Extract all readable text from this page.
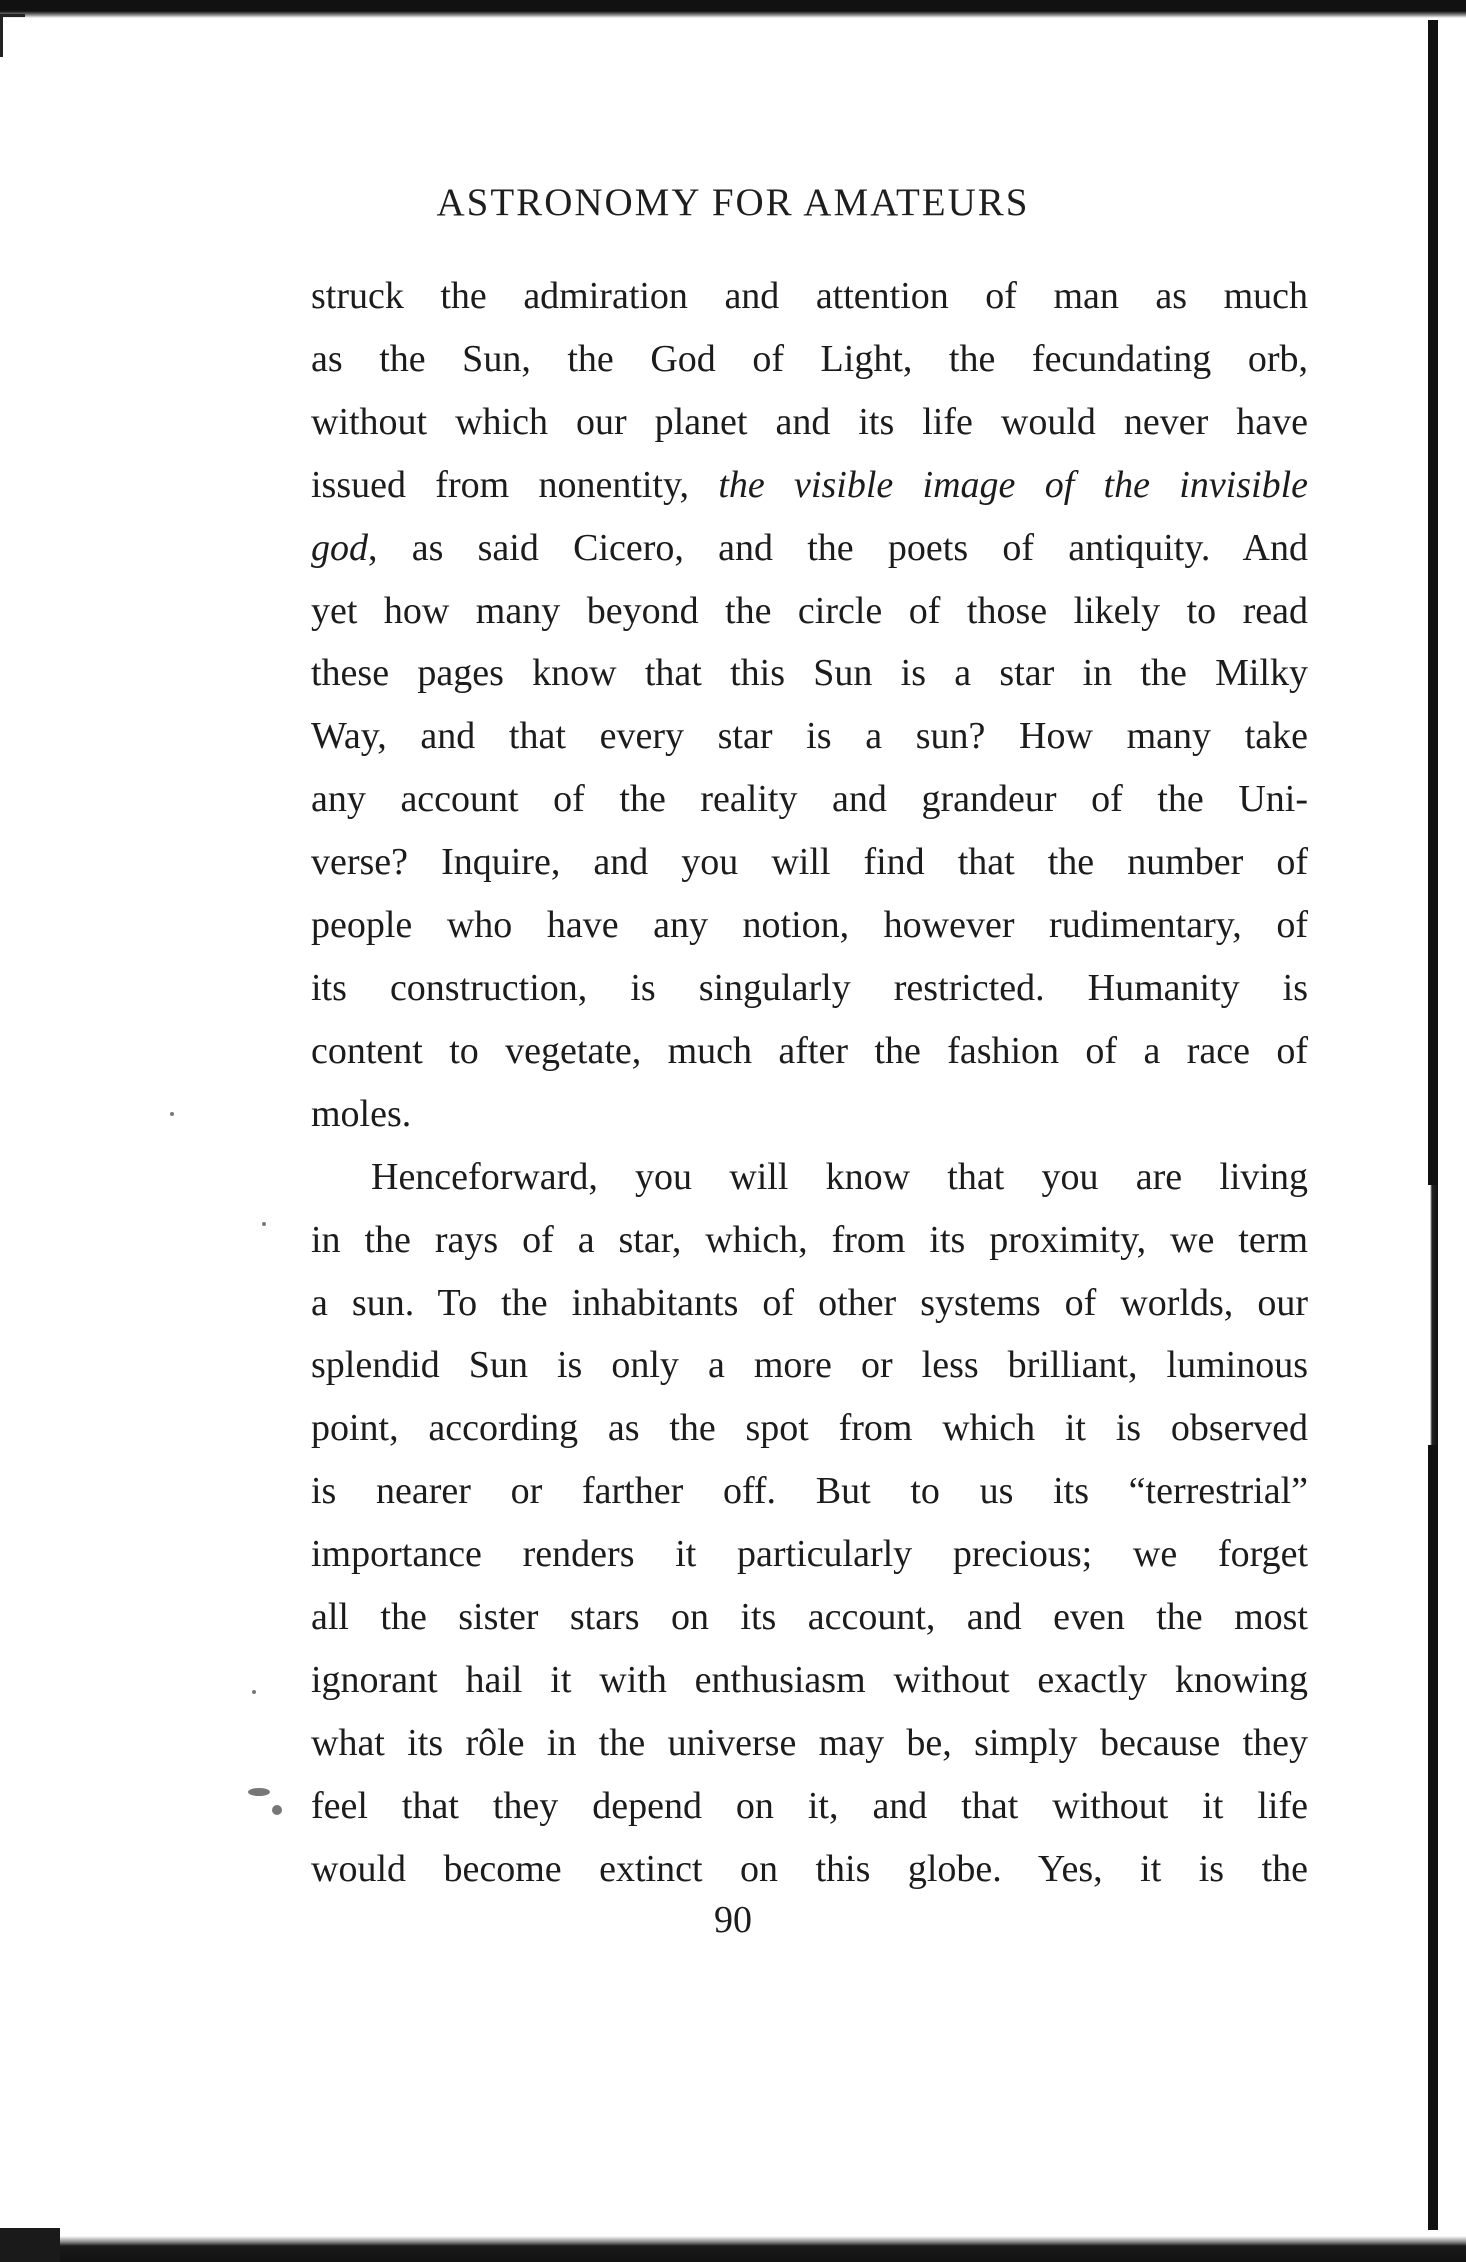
ASTRONOMY FOR AMATEURS
struck the admiration and attention of man as much
as the Sun, the God of Light, the fecundating orb,
without which our planet and its life would never have
issued from nonentity, the visible image of the invisible
god, as said Cicero, and the poets of antiquity. And
yet how many beyond the circle of those likely to read
these pages know that this Sun is a star in the Milky
Way, and that every star is a sun? How many take
any account of the reality and grandeur of the Uni-
verse? Inquire, and you will find that the number of
people who have any notion, however rudimentary, of
its construction, is singularly restricted. Humanity is
content to vegetate, much after the fashion of a race of
moles.
Henceforward, you will know that you are living
in the rays of a star, which, from its proximity, we term
a sun. To the inhabitants of other systems of worlds, our
splendid Sun is only a more or less brilliant, luminous
point, according as the spot from which it is observed
is nearer or farther off. But to us its “terrestrial”
importance renders it particularly precious; we forget
all the sister stars on its account, and even the most
ignorant hail it with enthusiasm without exactly knowing
what its rôle in the universe may be, simply because they
feel that they depend on it, and that without it life
would become extinct on this globe. Yes, it is the
90
